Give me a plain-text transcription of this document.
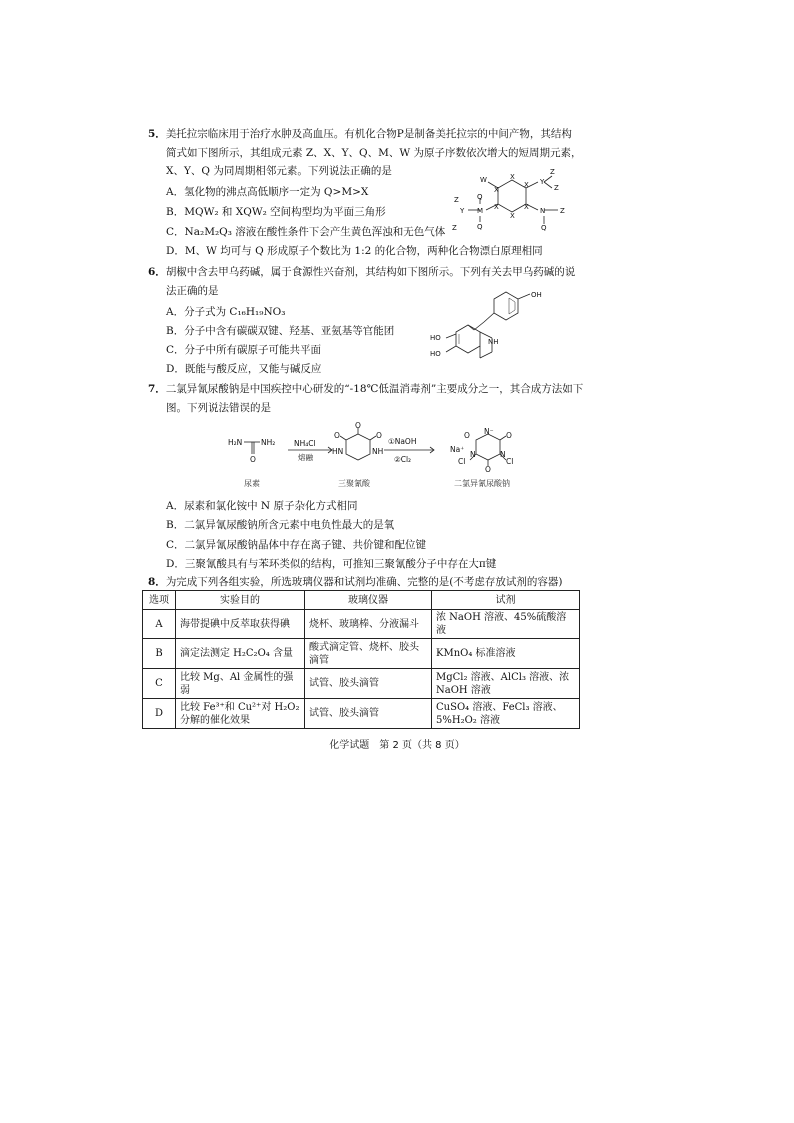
5．美托拉宗临床用于治疗水肿及高血压。有机化合物P是制备美托拉宗的中间产物，其结构
简式如下图所示，其组成元素 Z、X、Y、Q、M、W 为原子序数依次增大的短周期元素，
X、Y、Q 为同周期相邻元素。下列说法正确的是
A．氢化物的沸点高低顺序一定为 Q>M>X
B．MQW₂ 和 XQW₂ 空间构型均为平面三角形
C．Na₂M₂Q₃ 溶液在酸性条件下会产生黄色浑浊和无色气体
D．M、W 均可与 Q 形成原子个数比为 1:2 的化合物，两种化合物漂白原理相同
W	X
X
Y
Z
Z
Z
Y M
Q
Q
X
X
X
X	N
Q
Z
Z
6．胡椒中含去甲乌药碱，属于食源性兴奋剂，其结构如下图所示。下列有关去甲乌药碱的说
法正确的是
A．分子式为 C₁₆H₁₉NO₃
B．分子中含有碳碳双键、羟基、亚氨基等官能团
C．分子中所有碳原子可能共平面
D．既能与酸反应，又能与碱反应
OH
HO
HO
NH
7．二氯异氰尿酸钠是中国疾控中心研发的“-18℃低温消毒剂”主要成分之一，其合成方法如下
图。下列说法错误的是
H₂N NH₂
O
NH₄Cl
熔融
O
O	O
HN	NH
①NaOH
②Cl₂
N⁻
Na⁺
O	O
O
Cl	Cl
N	N
尿素	三聚氰酸	二氯异氰尿酸钠
A．尿素和氯化铵中 N 原子杂化方式相同
B．二氯异氰尿酸钠所含元素中电负性最大的是氧
C．二氯异氰尿酸钠晶体中存在离子键、共价键和配位键
D．三聚氰酸具有与苯环类似的结构，可推知三聚氰酸分子中存在大π键
8．为完成下列各组实验，所选玻璃仪器和试剂均准确、完整的是(不考虑存放试剂的容器)
选项	实验目的	玻璃仪器	试剂
A	海带提碘中反萃取获得碘	烧杯、玻璃棒、分液漏斗	浓 NaOH 溶液、45%硫酸溶液
B	滴定法测定 H₂C₂O₄ 含量	酸式滴定管、烧杯、胶头滴管	KMnO₄ 标准溶液
C	比较 Mg、Al 金属性的强弱	试管、胶头滴管	MgCl₂ 溶液、AlCl₃ 溶液、浓 NaOH 溶液
D	比较 Fe³⁺和 Cu²⁺对 H₂O₂ 分解的催化效果	试管、胶头滴管	CuSO₄ 溶液、FeCl₃ 溶液、5%H₂O₂ 溶液
化学试题　第 2 页（共 8 页）
